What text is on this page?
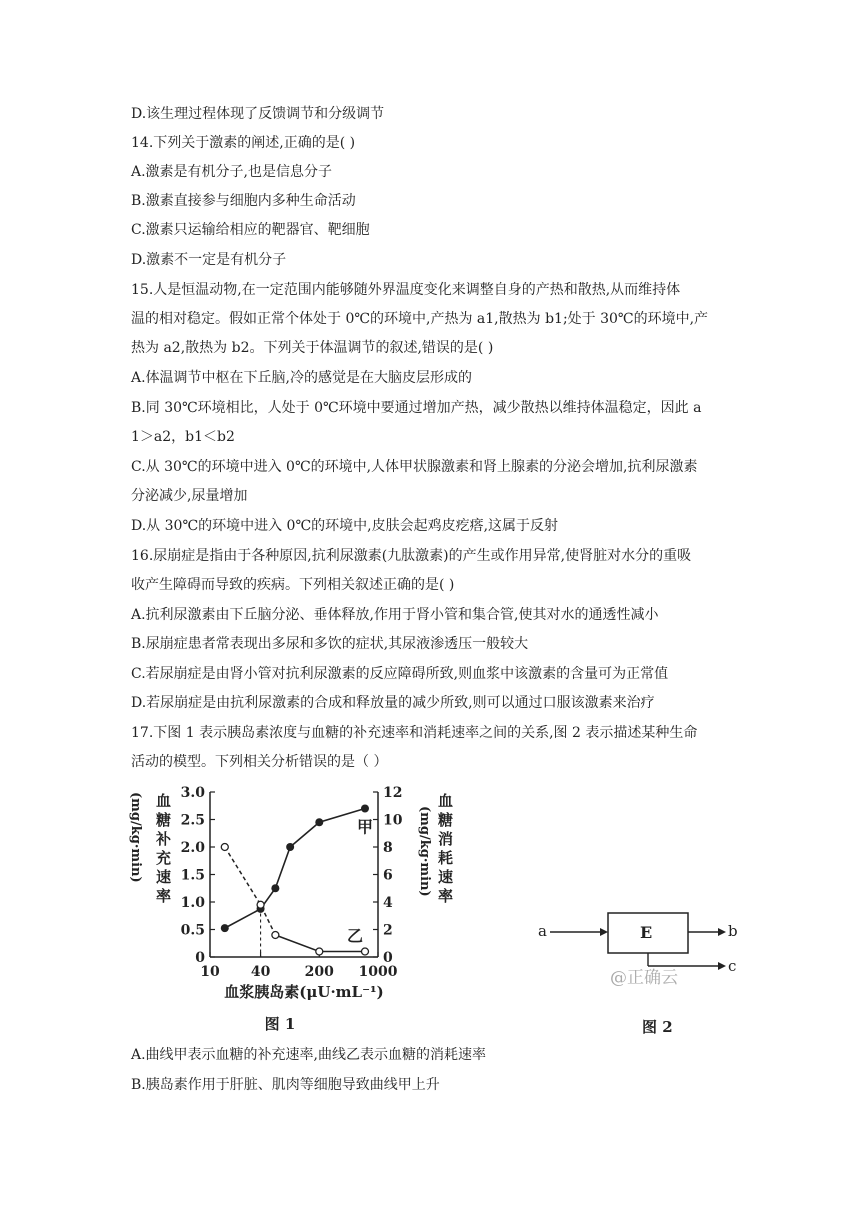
D.该生理过程体现了反馈调节和分级调节
14.下列关于激素的阐述,正确的是( )
A.激素是有机分子,也是信息分子
B.激素直接参与细胞内多种生命活动
C.激素只运输给相应的靶器官、靶细胞
D.激素不一定是有机分子
15.人是恒温动物,在一定范围内能够随外界温度变化来调整自身的产热和散热,从而维持体
温的相对稳定。假如正常个体处于 0℃的环境中,产热为 a1,散热为 b1;处于 30℃的环境中,产
热为 a2,散热为 b2。下列关于体温调节的叙述,错误的是( )
A.体温调节中枢在下丘脑,冷的感觉是在大脑皮层形成的
B.同 30℃环境相比，人处于 0℃环境中要通过增加产热，减少散热以维持体温稳定，因此 a
1＞a2，b1＜b2
C.从 30℃的环境中进入 0℃的环境中,人体甲状腺激素和肾上腺素的分泌会增加,抗利尿激素
分泌减少,尿量增加
D.从 30℃的环境中进入 0℃的环境中,皮肤会起鸡皮疙瘩,这属于反射
16.尿崩症是指由于各种原因,抗利尿激素(九肽激素)的产生或作用异常,使肾脏对水分的重吸
收产生障碍而导致的疾病。下列相关叙述正确的是( )
A.抗利尿激素由下丘脑分泌、垂体释放,作用于肾小管和集合管,使其对水的通透性减小
B.尿崩症患者常表现出多尿和多饮的症状,其尿液渗透压一般较大
C.若尿崩症是由肾小管对抗利尿激素的反应障碍所致,则血浆中该激素的含量可为正常值
D.若尿崩症是由抗利尿激素的合成和释放量的减少所致,则可以通过口服该激素来治疗
17.下图 1 表示胰岛素浓度与血糖的补充速率和消耗速率之间的关系,图 2 表示描述某种生命
活动的模型。下列相关分析错误的是（ ）
0
0.5
1.0
1.5
2.0
2.5
3.0
0
2
4
6
8
10
12
10 40 200 1000
(mg/kg·min) 血
糖
补
充
速
率
血
糖
消
耗
速
率
(mg/kg·min)
血浆胰岛素(μU·mL⁻¹)
图 1
甲
乙	a	E	b
c
@正确云
图 2
A.曲线甲表示血糖的补充速率,曲线乙表示血糖的消耗速率
B.胰岛素作用于肝脏、肌肉等细胞导致曲线甲上升
